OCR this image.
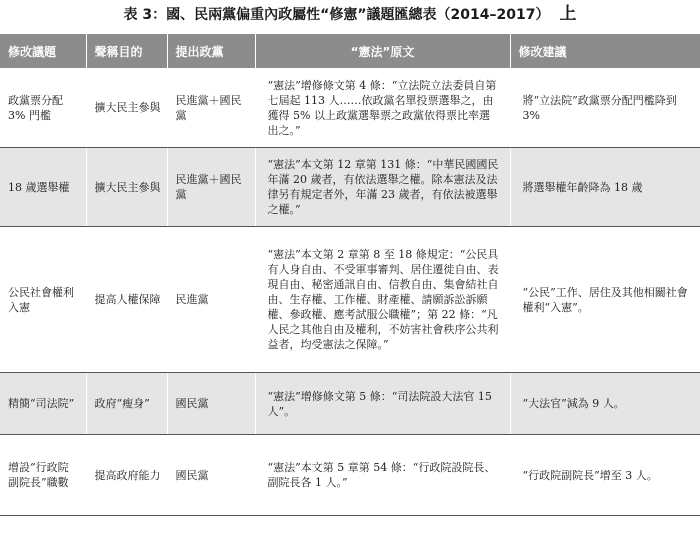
表 3：國、民兩黨偏重內政屬性“修憲”議題匯總表（2014–2017） 上
修改議題	聲稱目的	提出政黨	“憲法”原文	修改建議
政黨票分配3% 門檻	擴大民主參與	民進黨＋國民黨	“憲法”增修條文第 4 條：“立法院立法委員自第七屆起 113 人……依政黨名單投票選舉之，由獲得 5% 以上政黨選舉票之政黨依得票比率選出之。”	將“立法院”政黨票分配門檻降到 3%
18 歲選舉權	擴大民主參與	民進黨＋國民黨	“憲法”本文第 12 章第 131 條：“中華民國國民年滿 20 歲者，有依法選舉之權。除本憲法及法律另有規定者外，年滿 23 歲者，有依法被選舉之權。”	將選舉權年齡降為 18 歲
公民社會權利入憲	提高人權保障	民進黨	“憲法”本文第 2 章第 8 至 18 條規定：“公民具有人身自由、不受軍事審判、居住遷徙自由、表現自由、秘密通訊自由、信教自由、集會結社自由、生存權、工作權、財產權、請願訴訟訴願權、參政權、應考試服公職權”；第 22 條：“凡人民之其他自由及權利，不妨害社會秩序公共利益者，均受憲法之保障。”	“公民”工作、居住及其他相關社會權利“入憲”。
精簡“司法院”	政府“瘦身”	國民黨	“憲法”增修條文第 5 條：“司法院設大法官 15 人”。	“大法官”減為 9 人。
增設“行政院副院長”職數	提高政府能力	國民黨	“憲法”本文第 5 章第 54 條：“行政院設院長、副院長各 1 人。”	“行政院副院長”增至 3 人。
